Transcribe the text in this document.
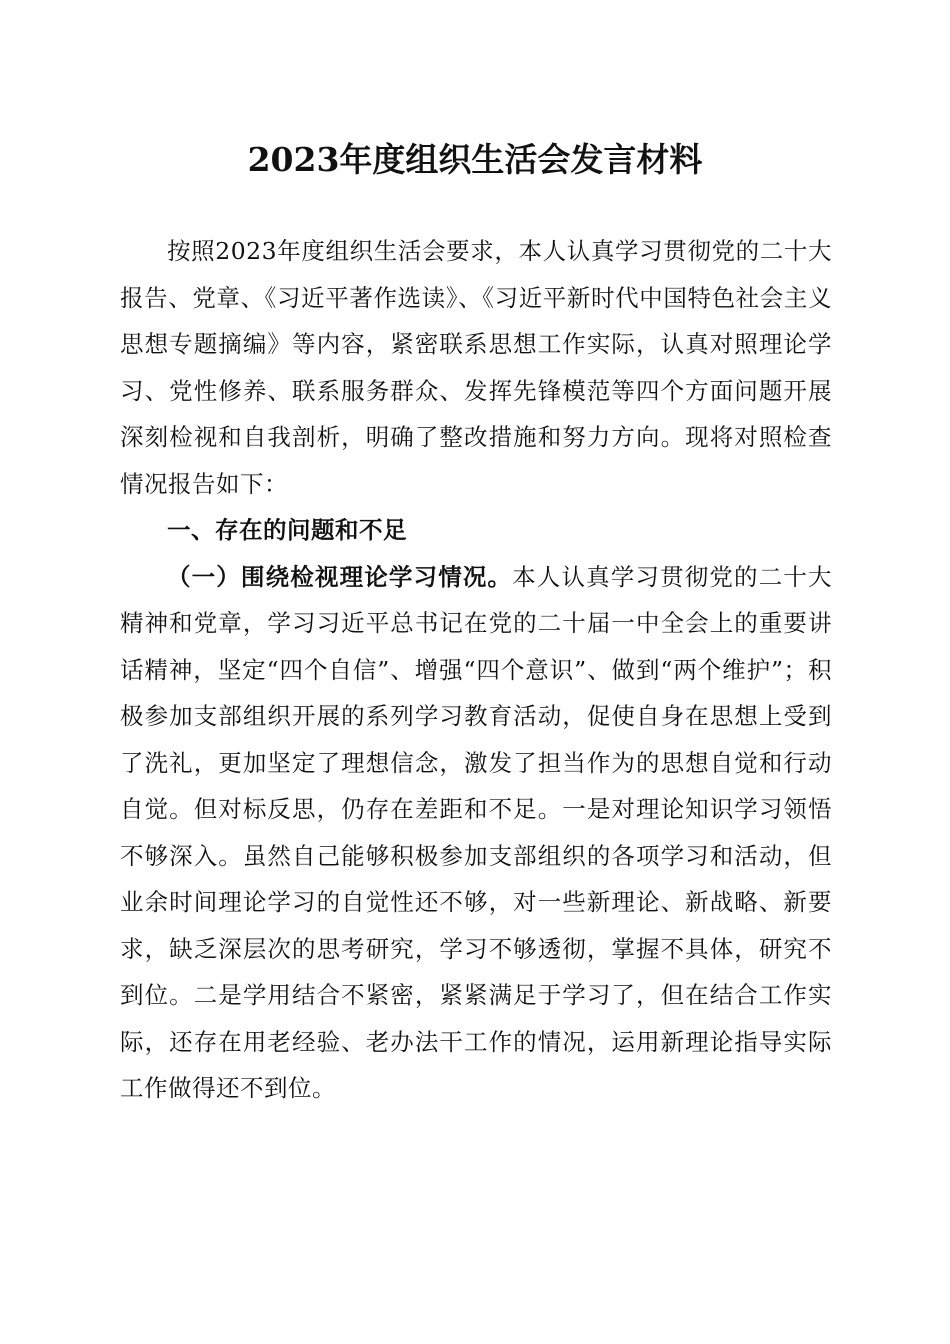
2023年度组织生活会发言材料

按照2023年度组织生活会要求，本人认真学习贯彻党的二十大报告、党章、《习近平著作选读》、《习近平新时代中国特色社会主义思想专题摘编》等内容，紧密联系思想工作实际，认真对照理论学习、党性修养、联系服务群众、发挥先锋模范等四个方面问题开展深刻检视和自我剖析，明确了整改措施和努力方向。现将对照检查情况报告如下：

一、存在的问题和不足

（一）围绕检视理论学习情况。本人认真学习贯彻党的二十大精神和党章，学习习近平总书记在党的二十届一中全会上的重要讲话精神，坚定“四个自信”、增强“四个意识”、做到“两个维护”；积极参加支部组织开展的系列学习教育活动，促使自身在思想上受到了洗礼，更加坚定了理想信念，激发了担当作为的思想自觉和行动自觉。但对标反思，仍存在差距和不足。一是对理论知识学习领悟不够深入。虽然自己能够积极参加支部组织的各项学习和活动，但业余时间理论学习的自觉性还不够，对一些新理论、新战略、新要求，缺乏深层次的思考研究，学习不够透彻，掌握不具体，研究不到位。二是学用结合不紧密，紧紧满足于学习了，但在结合工作实际，还存在用老经验、老办法干工作的情况，运用新理论指导实际工作做得还不到位。
